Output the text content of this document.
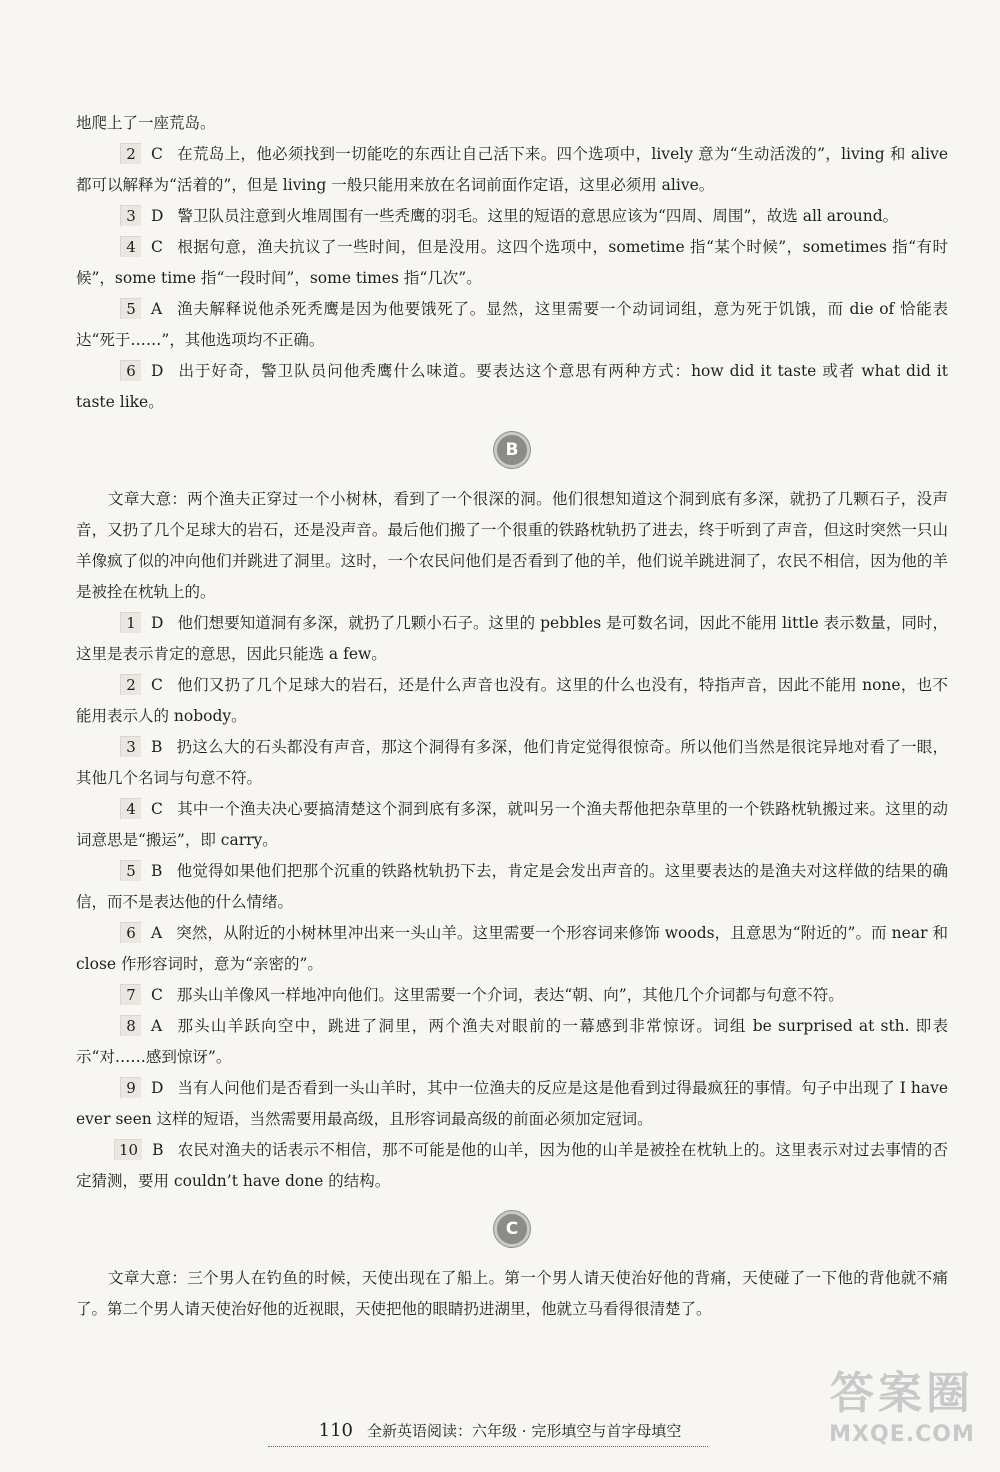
地爬上了一座荒岛。

2 C 在荒岛上，他必须找到一切能吃的东西让自己活下来。四个选项中，lively 意为“生动活泼的”，living 和 alive 都可以解释为“活着的”，但是 living 一般只能用来放在名词前面作定语，这里必须用 alive。

3 D 警卫队员注意到火堆周围有一些秃鹰的羽毛。这里的短语的意思应该为“四周、周围”，故选 all around。

4 C 根据句意，渔夫抗议了一些时间，但是没用。这四个选项中，sometime 指“某个时候”，sometimes 指“有时候”，some time 指“一段时间”，some times 指“几次”。

5 A 渔夫解释说他杀死秃鹰是因为他要饿死了。显然，这里需要一个动词词组，意为死于饥饿，而 die of 恰能表达“死于……”，其他选项均不正确。

6 D 出于好奇，警卫队员问他秃鹰什么味道。要表达这个意思有两种方式：how did it taste 或者 what did it taste like。

B

文章大意：两个渔夫正穿过一个小树林，看到了一个很深的洞。他们很想知道这个洞到底有多深，就扔了几颗石子，没声音，又扔了几个足球大的岩石，还是没声音。最后他们搬了一个很重的铁路枕轨扔了进去，终于听到了声音，但这时突然一只山羊像疯了似的冲向他们并跳进了洞里。这时，一个农民问他们是否看到了他的羊，他们说羊跳进洞了，农民不相信，因为他的羊是被拴在枕轨上的。

1 D 他们想要知道洞有多深，就扔了几颗小石子。这里的 pebbles 是可数名词，因此不能用 little 表示数量，同时，这里是表示肯定的意思，因此只能选 a few。

2 C 他们又扔了几个足球大的岩石，还是什么声音也没有。这里的什么也没有，特指声音，因此不能用 none，也不能用表示人的 nobody。

3 B 扔这么大的石头都没有声音，那这个洞得有多深，他们肯定觉得很惊奇。所以他们当然是很诧异地对看了一眼，其他几个名词与句意不符。

4 C 其中一个渔夫决心要搞清楚这个洞到底有多深，就叫另一个渔夫帮他把杂草里的一个铁路枕轨搬过来。这里的动词意思是“搬运”，即 carry。

5 B 他觉得如果他们把那个沉重的铁路枕轨扔下去，肯定是会发出声音的。这里要表达的是渔夫对这样做的结果的确信，而不是表达他的什么情绪。

6 A 突然，从附近的小树林里冲出来一头山羊。这里需要一个形容词来修饰 woods，且意思为“附近的”。而 near 和 close 作形容词时，意为“亲密的”。

7 C 那头山羊像风一样地冲向他们。这里需要一个介词，表达“朝、向”，其他几个介词都与句意不符。

8 A 那头山羊跃向空中，跳进了洞里，两个渔夫对眼前的一幕感到非常惊讶。词组 be surprised at sth. 即表示“对……感到惊讶”。

9 D 当有人问他们是否看到一头山羊时，其中一位渔夫的反应是这是他看到过得最疯狂的事情。句子中出现了 I have ever seen 这样的短语，当然需要用最高级，且形容词最高级的前面必须加定冠词。

10 B 农民对渔夫的话表示不相信，那不可能是他的山羊，因为他的山羊是被拴在枕轨上的。这里表示对过去事情的否定猜测，要用 couldn’t have done 的结构。

C

文章大意：三个男人在钓鱼的时候，天使出现在了船上。第一个男人请天使治好他的背痛，天使碰了一下他的背他就不痛了。第二个男人请天使治好他的近视眼，天使把他的眼睛扔进湖里，他就立马看得很清楚了。

110 全新英语阅读：六年级 · 完形填空与首字母填空
答案圈
MXQE.COM
